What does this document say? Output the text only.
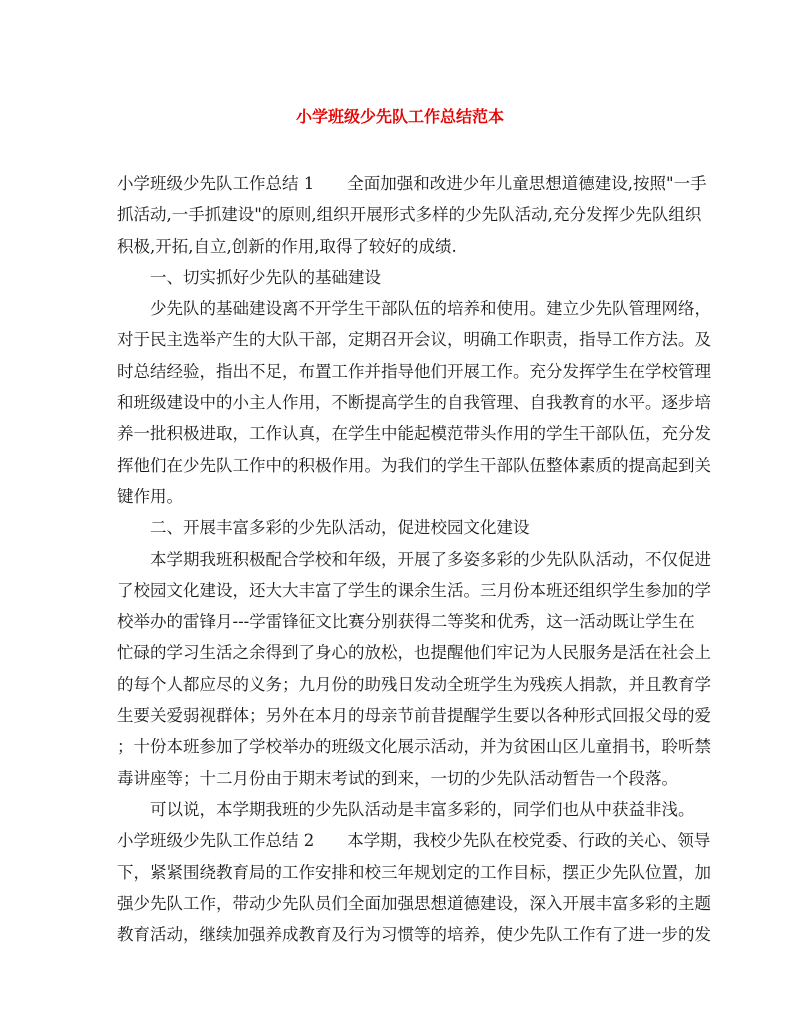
小学班级少先队工作总结范本
小学班级少先队工作总结 1　　全面加强和改进少年儿童思想道德建设,按照"一手
抓活动,一手抓建设"的原则,组织开展形式多样的少先队活动,充分发挥少先队组织
积极,开拓,自立,创新的作用,取得了较好的成绩.
一、切实抓好少先队的基础建设
少先队的基础建设离不开学生干部队伍的培养和使用。建立少先队管理网络，
对于民主选举产生的大队干部，定期召开会议，明确工作职责，指导工作方法。及
时总结经验，指出不足，布置工作并指导他们开展工作。充分发挥学生在学校管理
和班级建设中的小主人作用，不断提高学生的自我管理、自我教育的水平。逐步培
养一批积极进取，工作认真，在学生中能起模范带头作用的学生干部队伍，充分发
挥他们在少先队工作中的积极作用。为我们的学生干部队伍整体素质的提高起到关
键作用。
二、开展丰富多彩的少先队活动，促进校园文化建设
本学期我班积极配合学校和年级，开展了多姿多彩的少先队队活动，不仅促进
了校园文化建设，还大大丰富了学生的课余生活。三月份本班还组织学生参加的学
校举办的雷锋月---学雷锋征文比赛分别获得二等奖和优秀，这一活动既让学生在
忙碌的学习生活之余得到了身心的放松，也提醒他们牢记为人民服务是活在社会上
的每个人都应尽的义务；九月份的助残日发动全班学生为残疾人捐款，并且教育学
生要关爱弱视群体；另外在本月的母亲节前昔提醒学生要以各种形式回报父母的爱
；十份本班参加了学校举办的班级文化展示活动，并为贫困山区儿童捐书，聆听禁
毒讲座等；十二月份由于期末考试的到来，一切的少先队活动暂告一个段落。
可以说，本学期我班的少先队活动是丰富多彩的，同学们也从中获益非浅。
小学班级少先队工作总结 2　　本学期，我校少先队在校党委、行政的关心、领导
下，紧紧围绕教育局的工作安排和校三年规划定的工作目标，摆正少先队位置，加
强少先队工作，带动少先队员们全面加强思想道德建设，深入开展丰富多彩的主题
教育活动，继续加强养成教育及行为习惯等的培养，使少先队工作有了进一步的发
